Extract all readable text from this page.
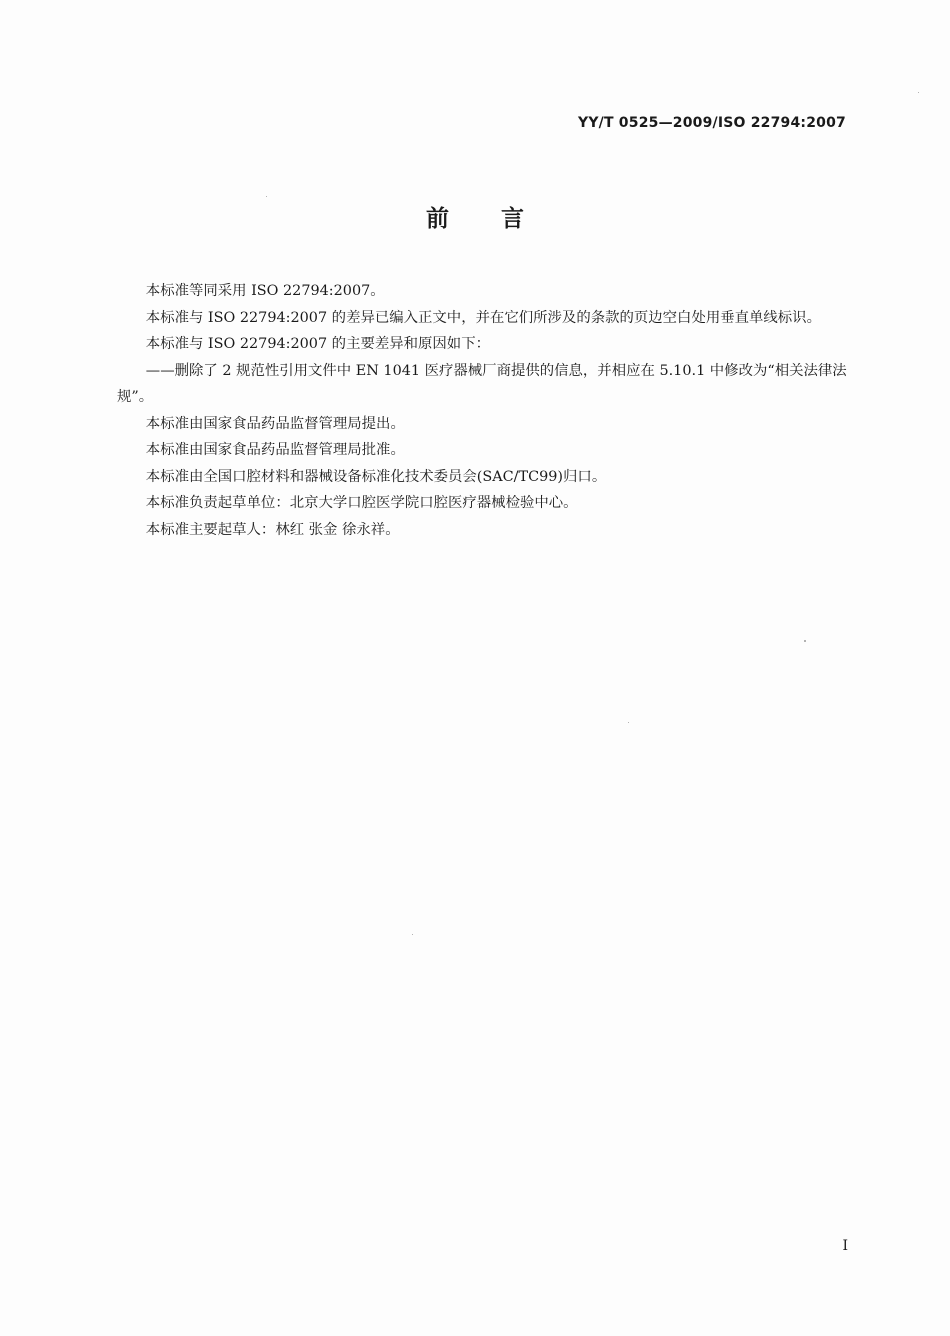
YY/T 0525—2009/ISO 22794:2007
前 言

本标准等同采用 ISO 22794:2007。

本标准与 ISO 22794:2007 的差异已编入正文中，并在它们所涉及的条款的页边空白处用垂直单线标识。

本标准与 ISO 22794:2007 的主要差异和原因如下：

——删除了 2 规范性引用文件中 EN 1041 医疗器械厂商提供的信息，并相应在 5.10.1 中修改为“相关法律法规”。

本标准由国家食品药品监督管理局提出。

本标准由国家食品药品监督管理局批准。

本标准由全国口腔材料和器械设备标准化技术委员会(SAC/TC99)归口。

本标准负责起草单位：北京大学口腔医学院口腔医疗器械检验中心。

本标准主要起草人：林红 张金 徐永祥。

I
